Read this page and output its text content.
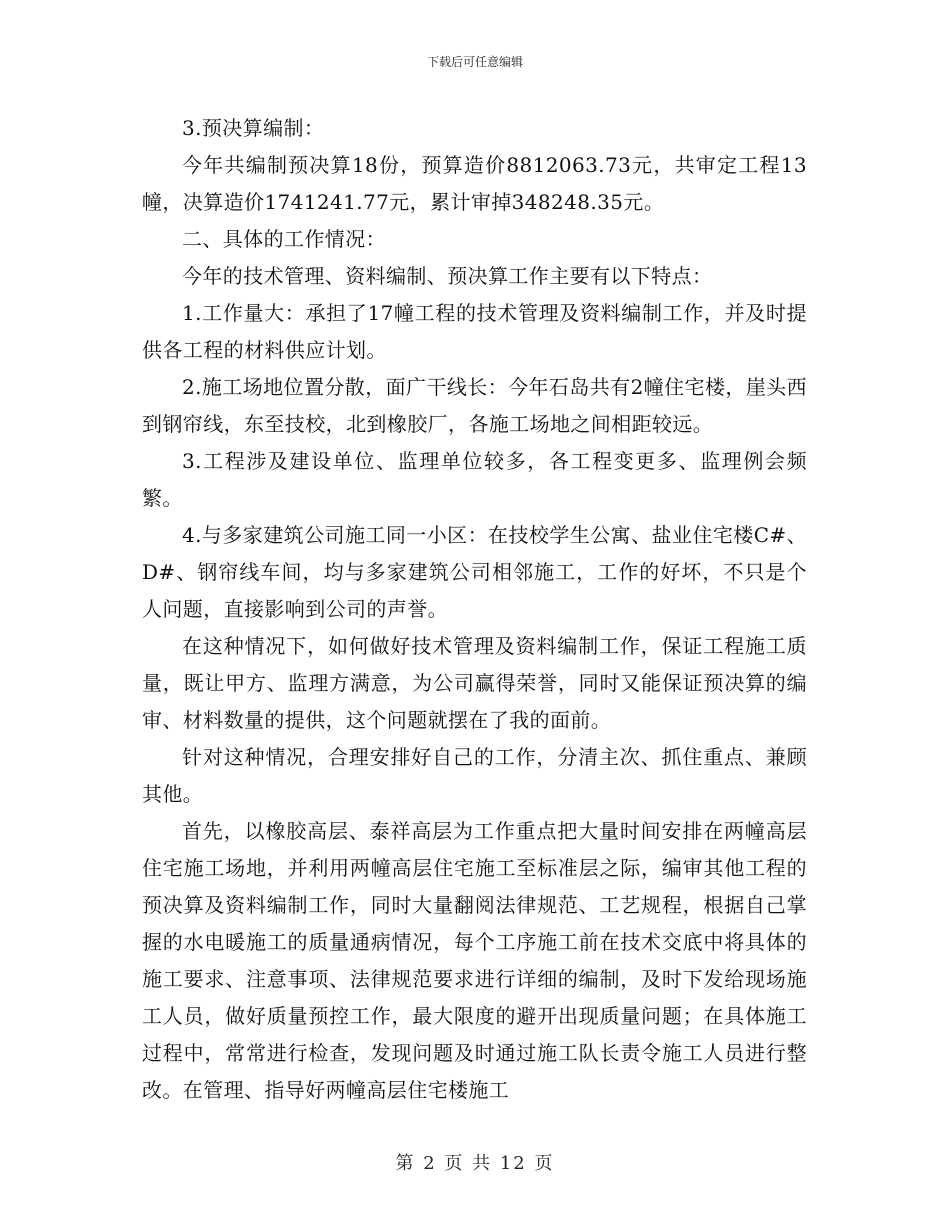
下载后可任意编辑

3.预决算编制：

今年共编制预决算18份，预算造价8812063.73元，共审定工程13幢，决算造价1741241.77元，累计审掉348248.35元。

二、具体的工作情况：

今年的技术管理、资料编制、预决算工作主要有以下特点：

1.工作量大：承担了17幢工程的技术管理及资料编制工作，并及时提供各工程的材料供应计划。

2.施工场地位置分散，面广干线长：今年石岛共有2幢住宅楼，崖头西到钢帘线，东至技校，北到橡胶厂，各施工场地之间相距较远。

3.工程涉及建设单位、监理单位较多，各工程变更多、监理例会频繁。

4.与多家建筑公司施工同一小区：在技校学生公寓、盐业住宅楼C#、D#、钢帘线车间，均与多家建筑公司相邻施工，工作的好坏，不只是个人问题，直接影响到公司的声誉。

在这种情况下，如何做好技术管理及资料编制工作，保证工程施工质量，既让甲方、监理方满意，为公司赢得荣誉，同时又能保证预决算的编审、材料数量的提供，这个问题就摆在了我的面前。

针对这种情况，合理安排好自己的工作，分清主次、抓住重点、兼顾其他。

首先，以橡胶高层、泰祥高层为工作重点把大量时间安排在两幢高层住宅施工场地，并利用两幢高层住宅施工至标准层之际，编审其他工程的预决算及资料编制工作，同时大量翻阅法律规范、工艺规程，根据自己掌握的水电暖施工的质量通病情况，每个工序施工前在技术交底中将具体的施工要求、注意事项、法律规范要求进行详细的编制，及时下发给现场施工人员，做好质量预控工作，最大限度的避开出现质量问题；在具体施工过程中，常常进行检查，发现问题及时通过施工队长责令施工人员进行整改。在管理、指导好两幢高层住宅楼施工

第 2 页 共 12 页
